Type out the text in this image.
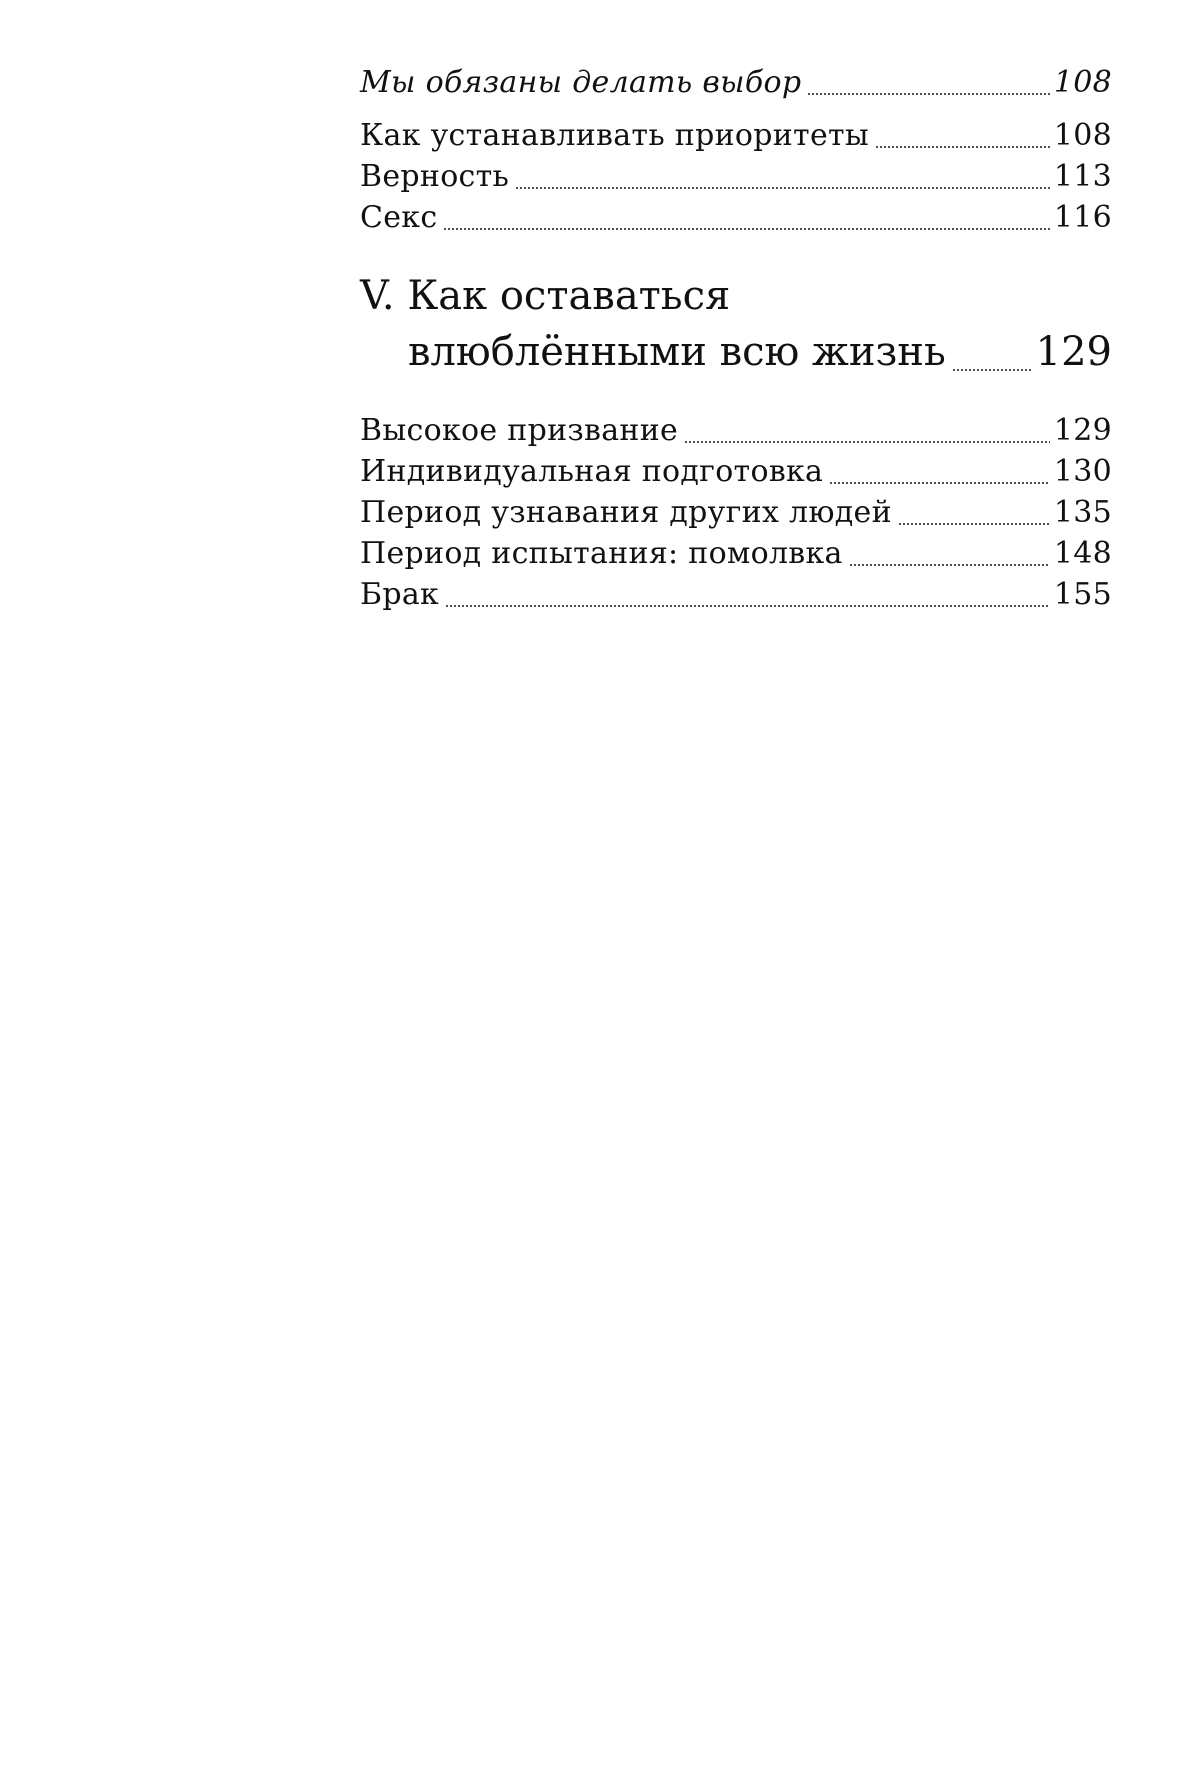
Мы обязаны делать выбор	108
Как устанавливать приоритеты	108
Верность	113
Секс	116
V. Как оставаться
влюблёнными всю жизнь 129
Высокое призвание	129
Индивидуальная подготовка	130
Период узнавания других людей	135
Период испытания: помолвка	148
Брак	155
